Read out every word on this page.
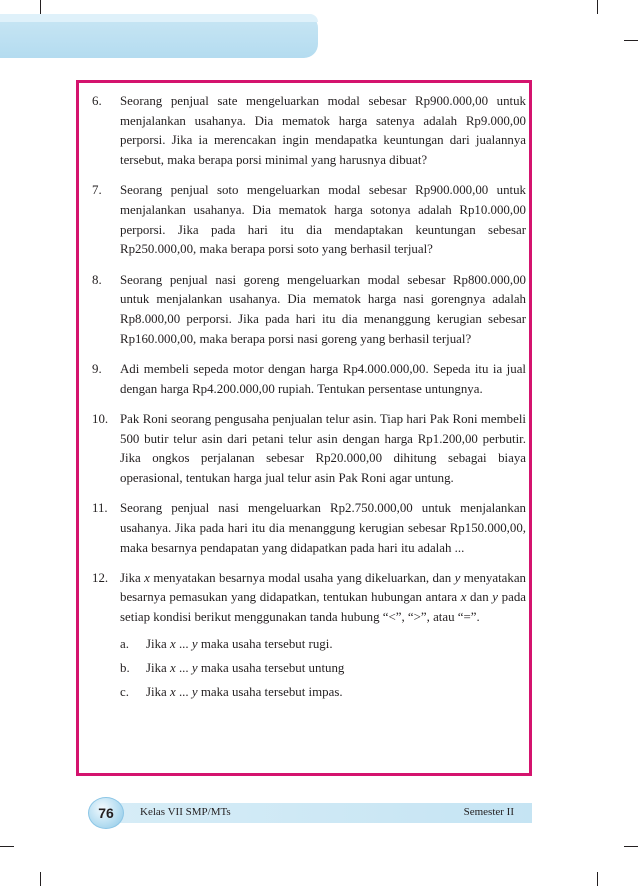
6.	Seorang penjual sate mengeluarkan modal sebesar Rp900.000,00 untuk menjalankan usahanya. Dia mematok harga satenya adalah Rp9.000,00 perporsi. Jika ia merencakan ingin mendapatka keuntungan dari jualannya tersebut, maka berapa porsi minimal yang harusnya dibuat?
7.	Seorang penjual soto mengeluarkan modal sebesar Rp900.000,00 untuk menjalankan usahanya. Dia mematok harga sotonya adalah Rp10.000,00 perporsi. Jika pada hari itu dia mendaptakan keuntungan sebesar Rp250.000,00, maka berapa porsi soto yang berhasil terjual?
8.	Seorang penjual nasi goreng mengeluarkan modal sebesar Rp800.000,00 untuk menjalankan usahanya. Dia mematok harga nasi gorengnya adalah Rp8.000,00 perporsi. Jika pada hari itu dia menanggung kerugian sebesar Rp160.000,00, maka berapa porsi nasi goreng yang berhasil terjual?
9.	Adi membeli sepeda motor dengan harga Rp4.000.000,00. Sepeda itu ia jual dengan harga Rp4.200.000,00 rupiah. Tentukan persentase untungnya.
10. Pak Roni seorang pengusaha penjualan telur asin. Tiap hari Pak Roni membeli 500 butir telur asin dari petani telur asin dengan harga Rp1.200,00 perbutir. Jika ongkos perjalanan sebesar Rp20.000,00 dihitung sebagai biaya operasional, tentukan harga jual telur asin Pak Roni agar untung.
11. Seorang penjual nasi mengeluarkan Rp2.750.000,00 untuk menjalankan usahanya. Jika pada hari itu dia menanggung kerugian sebesar Rp150.000,00, maka besarnya pendapatan yang didapatkan pada hari itu adalah ...
12. Jika x menyatakan besarnya modal usaha yang dikeluarkan, dan y menyatakan besarnya pemasukan yang didapatkan, tentukan hubungan antara x dan y pada setiap kondisi berikut menggunakan tanda hubung “<”, “>”, atau “=”.
a.	Jika x ... y maka usaha tersebut rugi.
b.	Jika x ... y maka usaha tersebut untung
c.	Jika x ... y maka usaha tersebut impas.
76	Kelas VII SMP/MTs	Semester II
